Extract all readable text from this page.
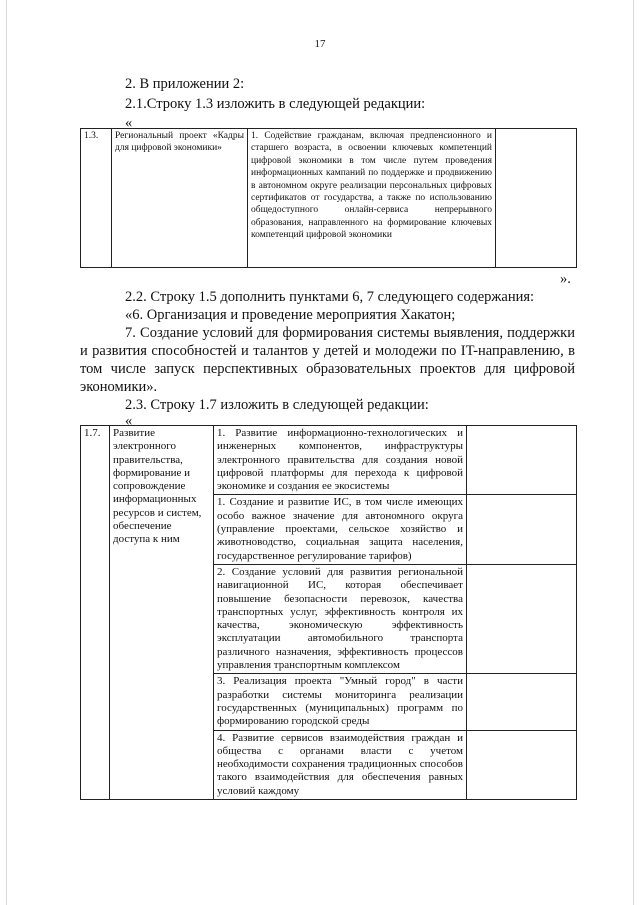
17
2. В приложении 2:
2.1.Строку 1.3 изложить в следующей редакции:
«
1.3.	Региональный проект «Кадры для цифровой экономики»	1. Содействие гражданам, включая предпенсионного и старшего возраста, в освоении ключевых компетенций цифровой экономики в том числе путем проведения информационных кампаний по поддержке и продвижению в автономном округе реализации персональных цифровых сертификатов от государства, а также по использованию общедоступного онлайн-сервиса непрерывного образования, направленного на формирование ключевых компетенций цифровой экономики	
».
2.2. Строку 1.5 дополнить пунктами 6, 7 следующего содержания:
«6. Организация и проведение мероприятия Хакатон;
7. Создание условий для формирования системы выявления, поддержки и развития способностей и талантов у детей и молодежи по IT-направлению, в том числе запуск перспективных образовательных проектов для цифровой экономики».
2.3. Строку 1.7 изложить в следующей редакции:
«
1.7.	Развитие электронного правительства, формирование и сопровождение информационных ресурсов и систем, обеспечение доступа к ним	1. Развитие информационно-технологических и инженерных компонентов, инфраструктуры электронного правительства для создания новой цифровой платформы для перехода к цифровой экономике и создания ее экосистемы	
		1. Создание и развитие ИС, в том числе имеющих особо важное значение для автономного округа (управление проектами, сельское хозяйство и животноводство, социальная защита населения, государственное регулирование тарифов)	
		2. Создание условий для развития региональной навигационной ИС, которая обеспечивает повышение безопасности перевозок, качества транспортных услуг, эффективность контроля их качества, экономическую эффективность эксплуатации автомобильного транспорта различного назначения, эффективность процессов управления транспортным комплексом	
		3. Реализация проекта "Умный город" в части разработки системы мониторинга реализации государственных (муниципальных) программ по формированию городской среды	
		4. Развитие сервисов взаимодействия граждан и общества с органами власти с учетом необходимости сохранения традиционных способов такого взаимодействия для обеспечения равных условий каждому	
